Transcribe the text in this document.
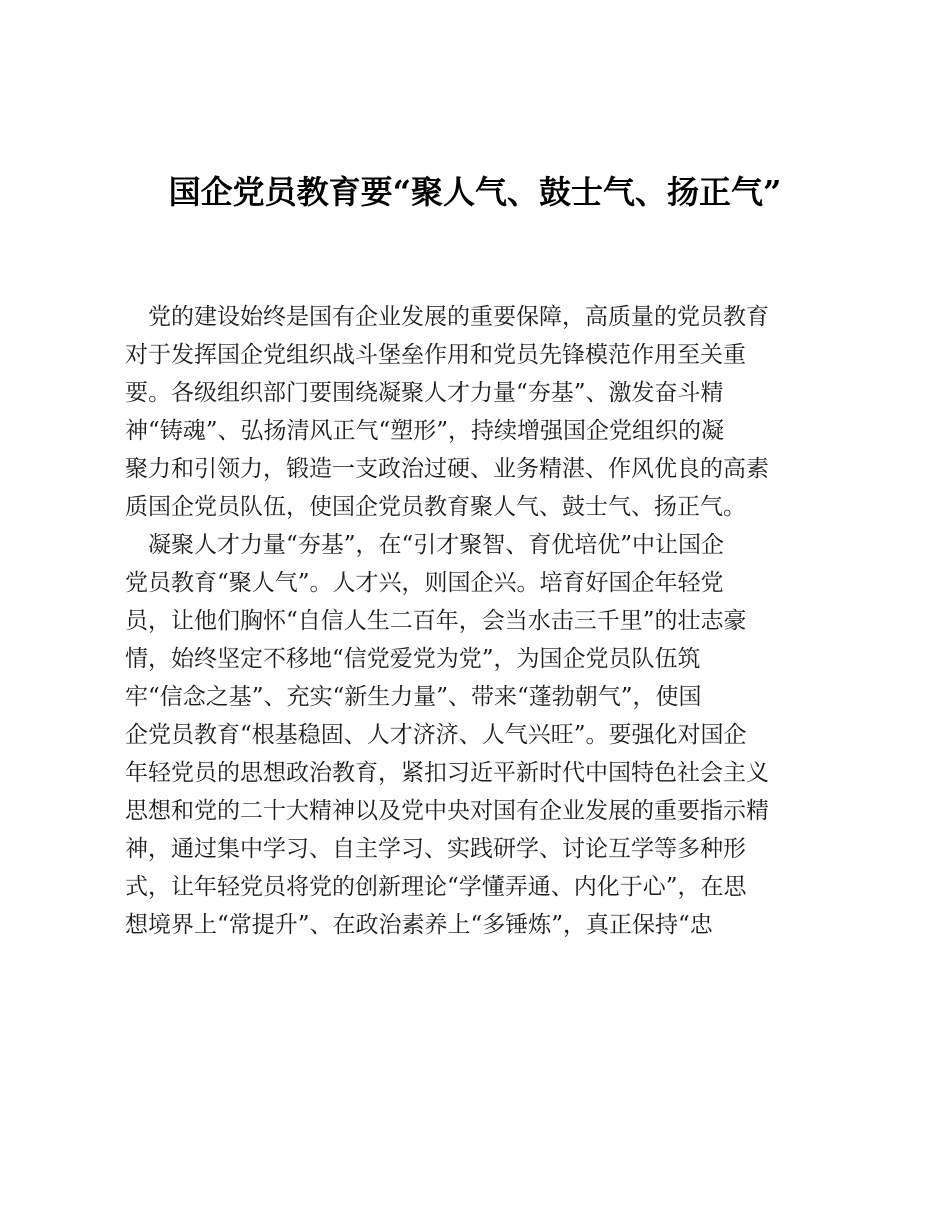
国企党员教育要“聚人气、鼓士气、扬正气”
　党的建设始终是国有企业发展的重要保障，高质量的党员教育
对于发挥国企党组织战斗堡垒作用和党员先锋模范作用至关重
要。各级组织部门要围绕凝聚人才力量“夯基”、激发奋斗精
神“铸魂”、弘扬清风正气“塑形”，持续增强国企党组织的凝
聚力和引领力，锻造一支政治过硬、业务精湛、作风优良的高素
质国企党员队伍，使国企党员教育聚人气、鼓士气、扬正气。
　凝聚人才力量“夯基”，在“引才聚智、育优培优”中让国企
党员教育“聚人气”。人才兴，则国企兴。培育好国企年轻党
员，让他们胸怀“自信人生二百年，会当水击三千里”的壮志豪
情，始终坚定不移地“信党爱党为党”，为国企党员队伍筑
牢“信念之基”、充实“新生力量”、带来“蓬勃朝气”，使国
企党员教育“根基稳固、人才济济、人气兴旺”。要强化对国企
年轻党员的思想政治教育，紧扣习近平新时代中国特色社会主义
思想和党的二十大精神以及党中央对国有企业发展的重要指示精
神，通过集中学习、自主学习、实践研学、讨论互学等多种形
式，让年轻党员将党的创新理论“学懂弄通、内化于心”，在思
想境界上“常提升”、在政治素养上“多锤炼”，真正保持“忠
